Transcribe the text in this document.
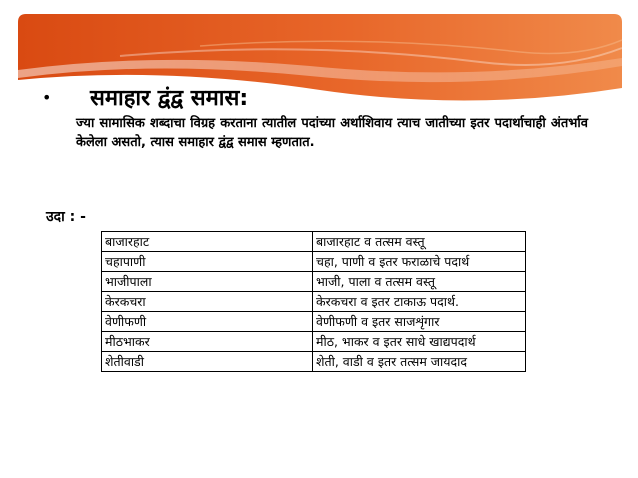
• समाहार द्वंद्व समास:
ज्या सामासिक शब्दाचा विग्रह करताना त्यातील पदांच्या अर्थाशिवाय त्याच जातीच्या इतर पदार्थाचाही अंतर्भाव केलेला असतो, त्यास समाहार द्वंद्व समास म्हणतात.
उदा : -
बाजारहाट	बाजारहाट व तत्सम वस्तू
चहापाणी	चहा, पाणी व इतर फराळाचे पदार्थ
भाजीपाला	भाजी, पाला व तत्सम वस्तू
केरकचरा	केरकचरा व इतर टाकाऊ पदार्थ.
वेणीफणी	वेणीफणी व इतर साजशृंगार
मीठभाकर	मीठ, भाकर व इतर साधे खाद्यपदार्थ
शेतीवाडी	शेती, वाडी व इतर तत्सम जायदाद
